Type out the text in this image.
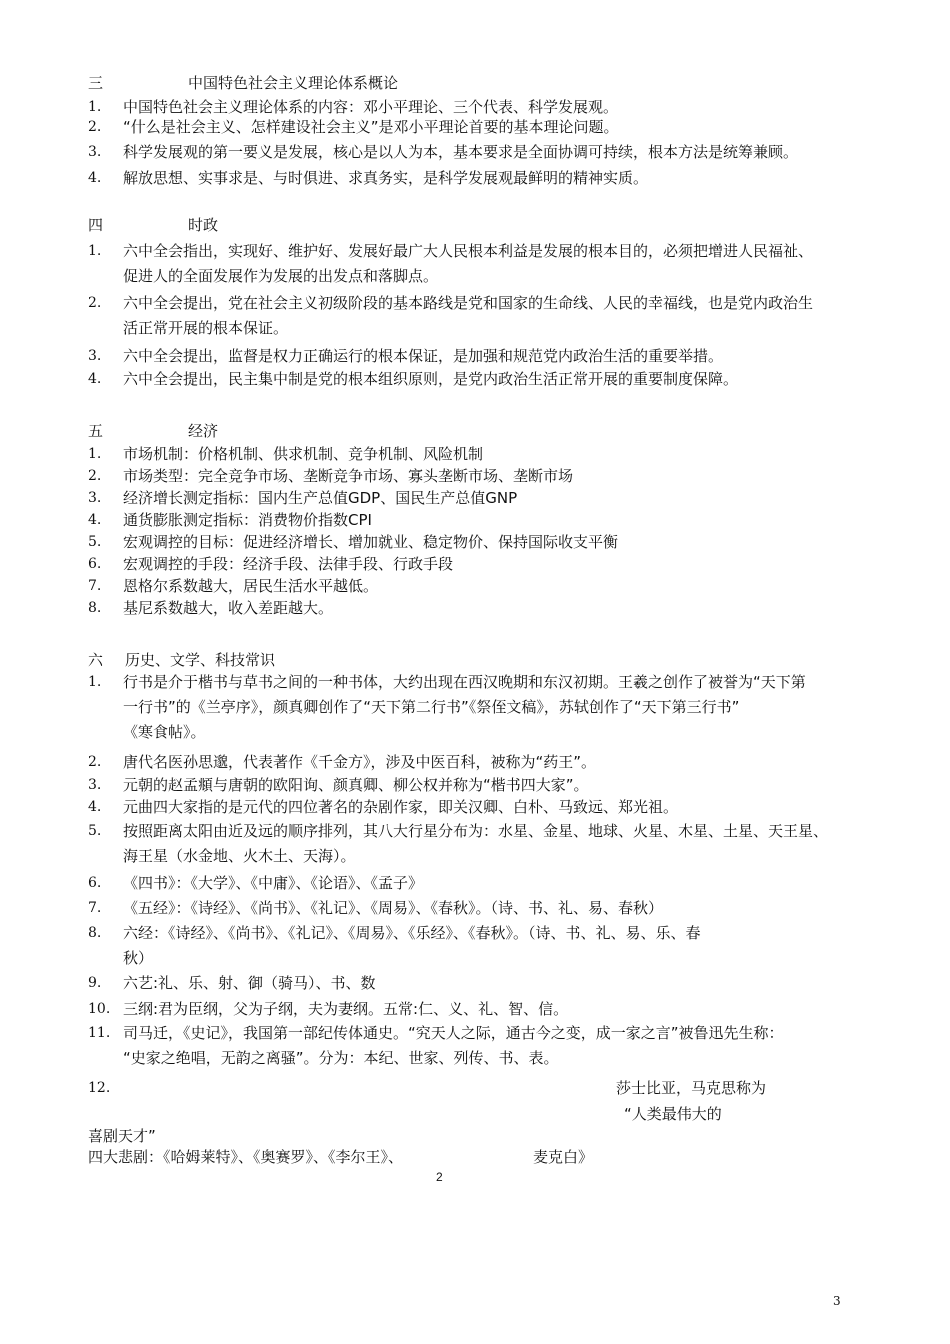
三	中国特色社会主义理论体系概论
1. 中国特色社会主义理论体系的内容：邓小平理论、三个代表、科学发展观。
2. “什么是社会主义、怎样建设社会主义”是邓小平理论首要的基本理论问题。
3. 科学发展观的第一要义是发展，核心是以人为本，基本要求是全面协调可持续，根本方法是统筹兼顾。
4. 解放思想、实事求是、与时俱进、求真务实，是科学发展观最鲜明的精神实质。
四	时政
1. 六中全会指出，实现好、维护好、发展好最广大人民根本利益是发展的根本目的，必须把增进人民福祉、
促进人的全面发展作为发展的出发点和落脚点。
2. 六中全会提出，党在社会主义初级阶段的基本路线是党和国家的生命线、人民的幸福线，也是党内政治生
活正常开展的根本保证。
3. 六中全会提出，监督是权力正确运行的根本保证，是加强和规范党内政治生活的重要举措。
4. 六中全会提出，民主集中制是党的根本组织原则，是党内政治生活正常开展的重要制度保障。
五	经济
1. 市场机制：价格机制、供求机制、竞争机制、风险机制
2. 市场类型：完全竞争市场、垄断竞争市场、寡头垄断市场、垄断市场
3. 经济增长测定指标：国内生产总值GDP、国民生产总值GNP
4. 通货膨胀测定指标：消费物价指数CPI
5. 宏观调控的目标：促进经济增长、增加就业、稳定物价、保持国际收支平衡
6. 宏观调控的手段：经济手段、法律手段、行政手段
7. 恩格尔系数越大，居民生活水平越低。
8. 基尼系数越大，收入差距越大。
六 历史、文学、科技常识
1. 行书是介于楷书与草书之间的一种书体，大约出现在西汉晚期和东汉初期。王羲之创作了被誉为“天下第
一行书”的《兰亭序》，颜真卿创作了“天下第二行书”《祭侄文稿》，苏轼创作了“天下第三行书”
《寒食帖》。
2. 唐代名医孙思邈，代表著作《千金方》，涉及中医百科，被称为“药王”。
3. 元朝的赵孟頫与唐朝的欧阳询、颜真卿、柳公权并称为“楷书四大家”。
4. 元曲四大家指的是元代的四位著名的杂剧作家，即关汉卿、白朴、马致远、郑光祖。
5. 按照距离太阳由近及远的顺序排列，其八大行星分布为：水星、金星、地球、火星、木星、土星、天王星、
海王星（水金地、火木土、天海）。
6. 《四书》：《大学》、《中庸》、《论语》、《孟子》
7. 《五经》：《诗经》、《尚书》、《礼记》、《周易》、《春秋》。（诗、书、礼、易、春秋）
8. 六经：《诗经》、《尚书》、《礼记》、《周易》、《乐经》、《春秋》。（诗、书、礼、易、乐、春
秋）
9. 六艺:礼、乐、射、御（骑马）、书、数
10. 三纲:君为臣纲，父为子纲，夫为妻纲。五常:仁、义、礼、智、信。
11. 司马迁，《史记》，我国第一部纪传体通史。“究天人之际，通古今之变，成一家之言”被鲁迅先生称：
“史家之绝唱，无韵之离骚”。分为：本纪、世家、列传、书、表。
12.	莎士比亚，马克思称为
“人类最伟大的
喜剧天才”
四大悲剧：《哈姆莱特》、《奥赛罗》、《李尔王》、	麦克白》
2
3
